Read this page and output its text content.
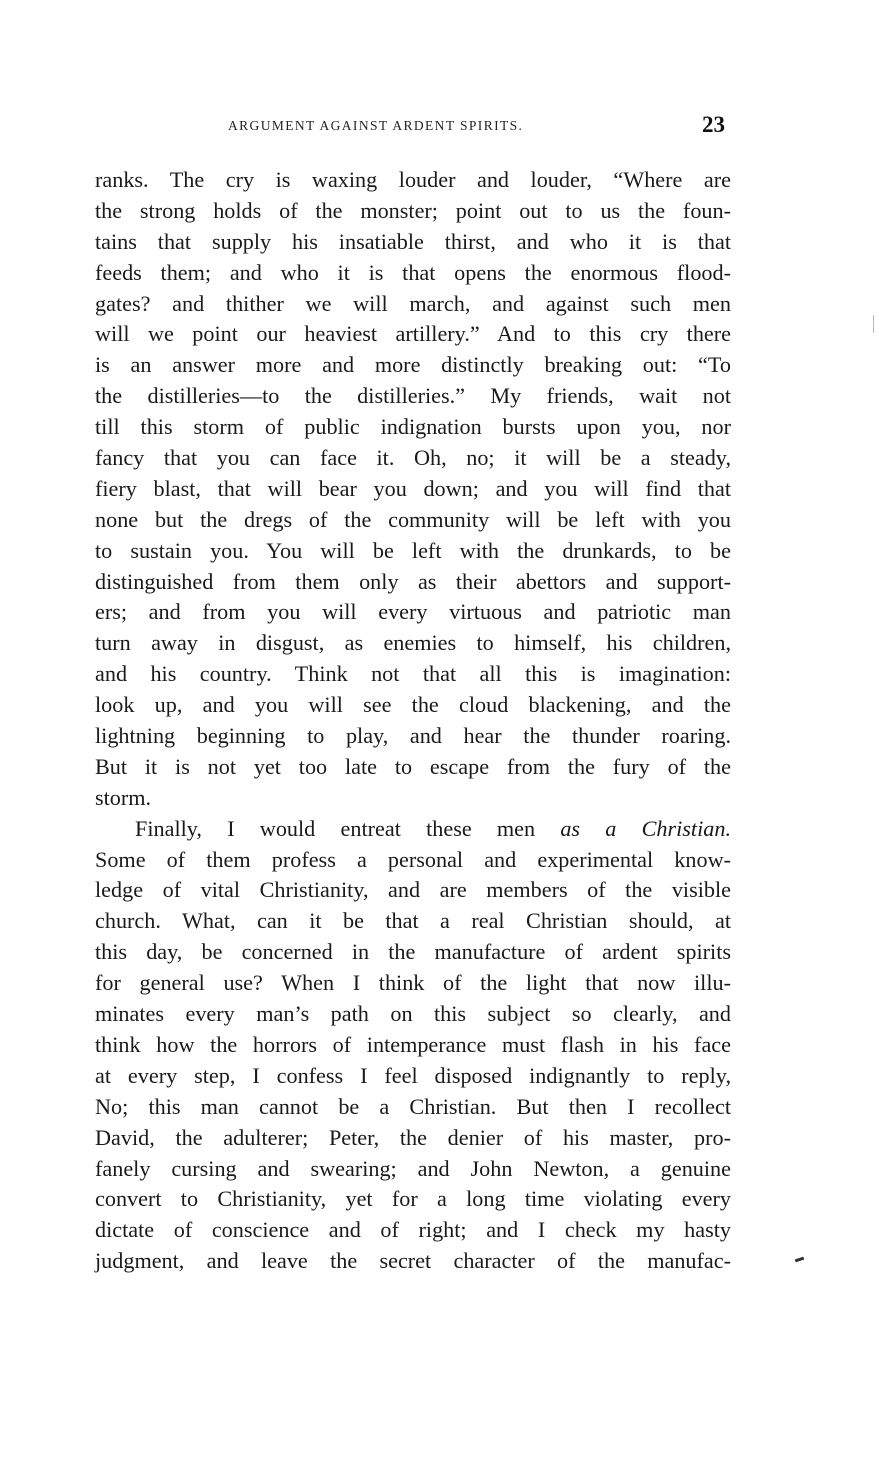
ARGUMENT AGAINST ARDENT SPIRITS.	23
ranks. The cry is waxing louder and louder, “Where are
the strong holds of the monster; point out to us the foun-
tains that supply his insatiable thirst, and who it is that
feeds them; and who it is that opens the enormous flood-
gates? and thither we will march, and against such men
will we point our heaviest artillery.” And to this cry there
is an answer more and more distinctly breaking out: “To
the distilleries—to the distilleries.” My friends, wait not
till this storm of public indignation bursts upon you, nor
fancy that you can face it. Oh, no; it will be a steady,
fiery blast, that will bear you down; and you will find that
none but the dregs of the community will be left with you
to sustain you. You will be left with the drunkards, to be
distinguished from them only as their abettors and support-
ers; and from you will every virtuous and patriotic man
turn away in disgust, as enemies to himself, his children,
and his country. Think not that all this is imagination:
look up, and you will see the cloud blackening, and the
lightning beginning to play, and hear the thunder roaring.
But it is not yet too late to escape from the fury of the
storm.
Finally, I would entreat these men as a Christian.
Some of them profess a personal and experimental know-
ledge of vital Christianity, and are members of the visible
church. What, can it be that a real Christian should, at
this day, be concerned in the manufacture of ardent spirits
for general use? When I think of the light that now illu-
minates every man’s path on this subject so clearly, and
think how the horrors of intemperance must flash in his face
at every step, I confess I feel disposed indignantly to reply,
No; this man cannot be a Christian. But then I recollect
David, the adulterer; Peter, the denier of his master, pro-
fanely cursing and swearing; and John Newton, a genuine
convert to Christianity, yet for a long time violating every
dictate of conscience and of right; and I check my hasty
judgment, and leave the secret character of the manufac-
